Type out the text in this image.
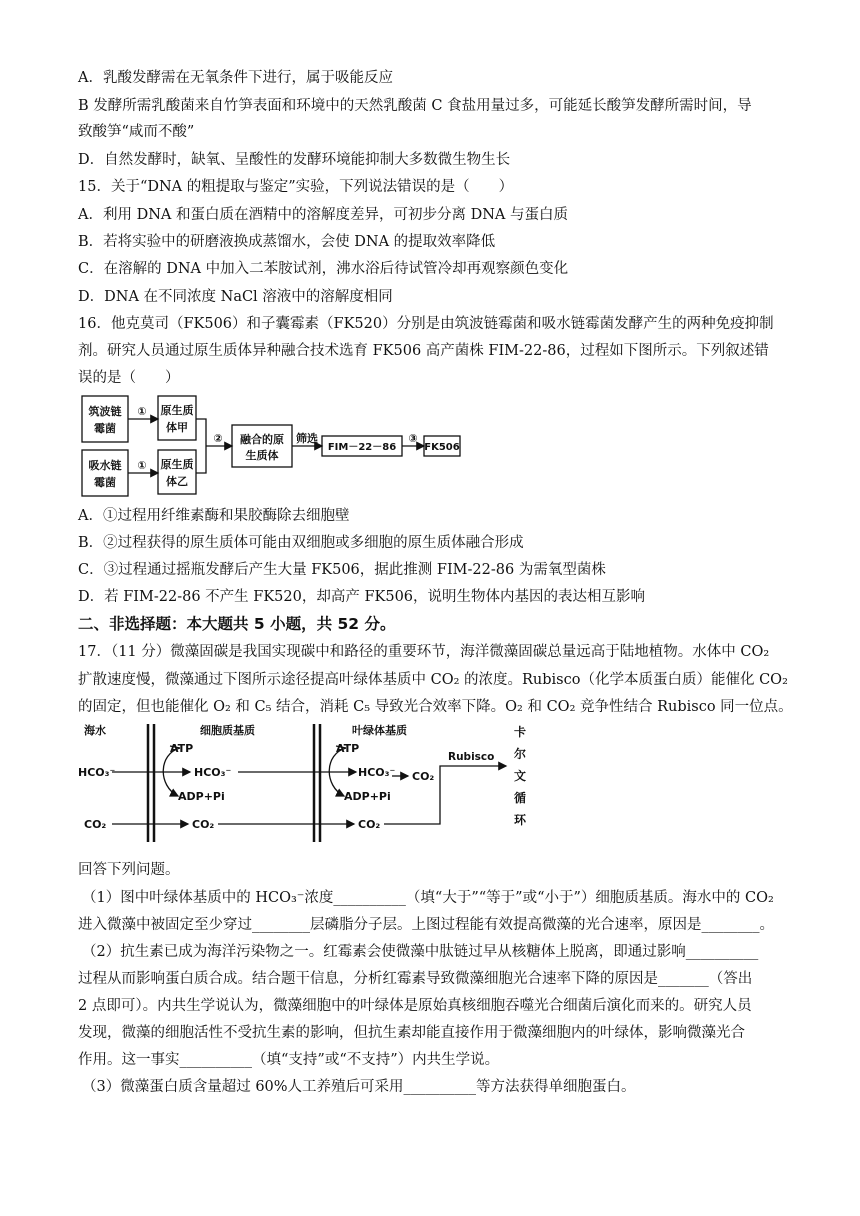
A．乳酸发酵需在无氧条件下进行，属于吸能反应
B 发酵所需乳酸菌来自竹笋表面和环境中的天然乳酸菌 C 食盐用量过多，可能延长酸笋发酵所需时间，导
致酸笋“咸而不酸”
D．自然发酵时，缺氧、呈酸性的发酵环境能抑制大多数微生物生长
15．关于“DNA 的粗提取与鉴定”实验，下列说法错误的是（　　）
A．利用 DNA 和蛋白质在酒精中的溶解度差异，可初步分离 DNA 与蛋白质
B．若将实验中的研磨液换成蒸馏水，会使 DNA 的提取效率降低
C．在溶解的 DNA 中加入二苯胺试剂，沸水浴后待试管冷却再观察颜色变化
D．DNA 在不同浓度 NaCl 溶液中的溶解度相同
16．他克莫司（FK506）和子囊霉素（FK520）分别是由筑波链霉菌和吸水链霉菌发酵产生的两种免疫抑制
剂。研究人员通过原生质体异种融合技术选育 FK506 高产菌株 FIM-22-86，过程如下图所示。下列叙述错
误的是（　　）
筑波链
霉菌
吸水链
霉菌
①
①
原生质
体甲
原生质
体乙
② 融合的原
生质体
筛选
FIM－22－86
③
FK506
A．①过程用纤维素酶和果胶酶除去细胞壁
B．②过程获得的原生质体可能由双细胞或多细胞的原生质体融合形成
C．③过程通过摇瓶发酵后产生大量 FK506，据此推测 FIM-22-86 为需氧型菌株
D．若 FIM-22-86 不产生 FK520，却高产 FK506，说明生物体内基因的表达相互影响
二、非选择题：本大题共 5 小题，共 52 分。
17．（11 分）微藻固碳是我国实现碳中和路径的重要环节，海洋微藻固碳总量远高于陆地植物。水体中 CO₂
扩散速度慢，微藻通过下图所示途径提高叶绿体基质中 CO₂ 的浓度。Rubisco（化学本质蛋白质）能催化 CO₂
的固定，但也能催化 O₂ 和 C₅ 结合，消耗 C₅ 导致光合效率下降。O₂ 和 CO₂ 竞争性结合 Rubisco 同一位点。
海水	细胞质基质	叶绿体基质
ATP	ATP
HCO₃⁻	HCO₃⁻	HCO₃⁻ CO₂
Rubisco
ADP+Pi	ADP+Pi
CO₂	CO₂	CO₂
卡
尔
文
循
环
回答下列问题。
（1）图中叶绿体基质中的 HCO₃⁻浓度__________（填“大于”“等于”或“小于”）细胞质基质。海水中的 CO₂
进入微藻中被固定至少穿过________层磷脂分子层。上图过程能有效提高微藻的光合速率，原因是________。
（2）抗生素已成为海洋污染物之一。红霉素会使微藻中肽链过早从核糖体上脱离，即通过影响__________
过程从而影响蛋白质合成。结合题干信息，分析红霉素导致微藻细胞光合速率下降的原因是_______（答出
2 点即可）。内共生学说认为，微藻细胞中的叶绿体是原始真核细胞吞噬光合细菌后演化而来的。研究人员
发现，微藻的细胞活性不受抗生素的影响，但抗生素却能直接作用于微藻细胞内的叶绿体，影响微藻光合
作用。这一事实__________（填“支持”或“不支持”）内共生学说。
（3）微藻蛋白质含量超过 60%人工养殖后可采用__________等方法获得单细胞蛋白。
